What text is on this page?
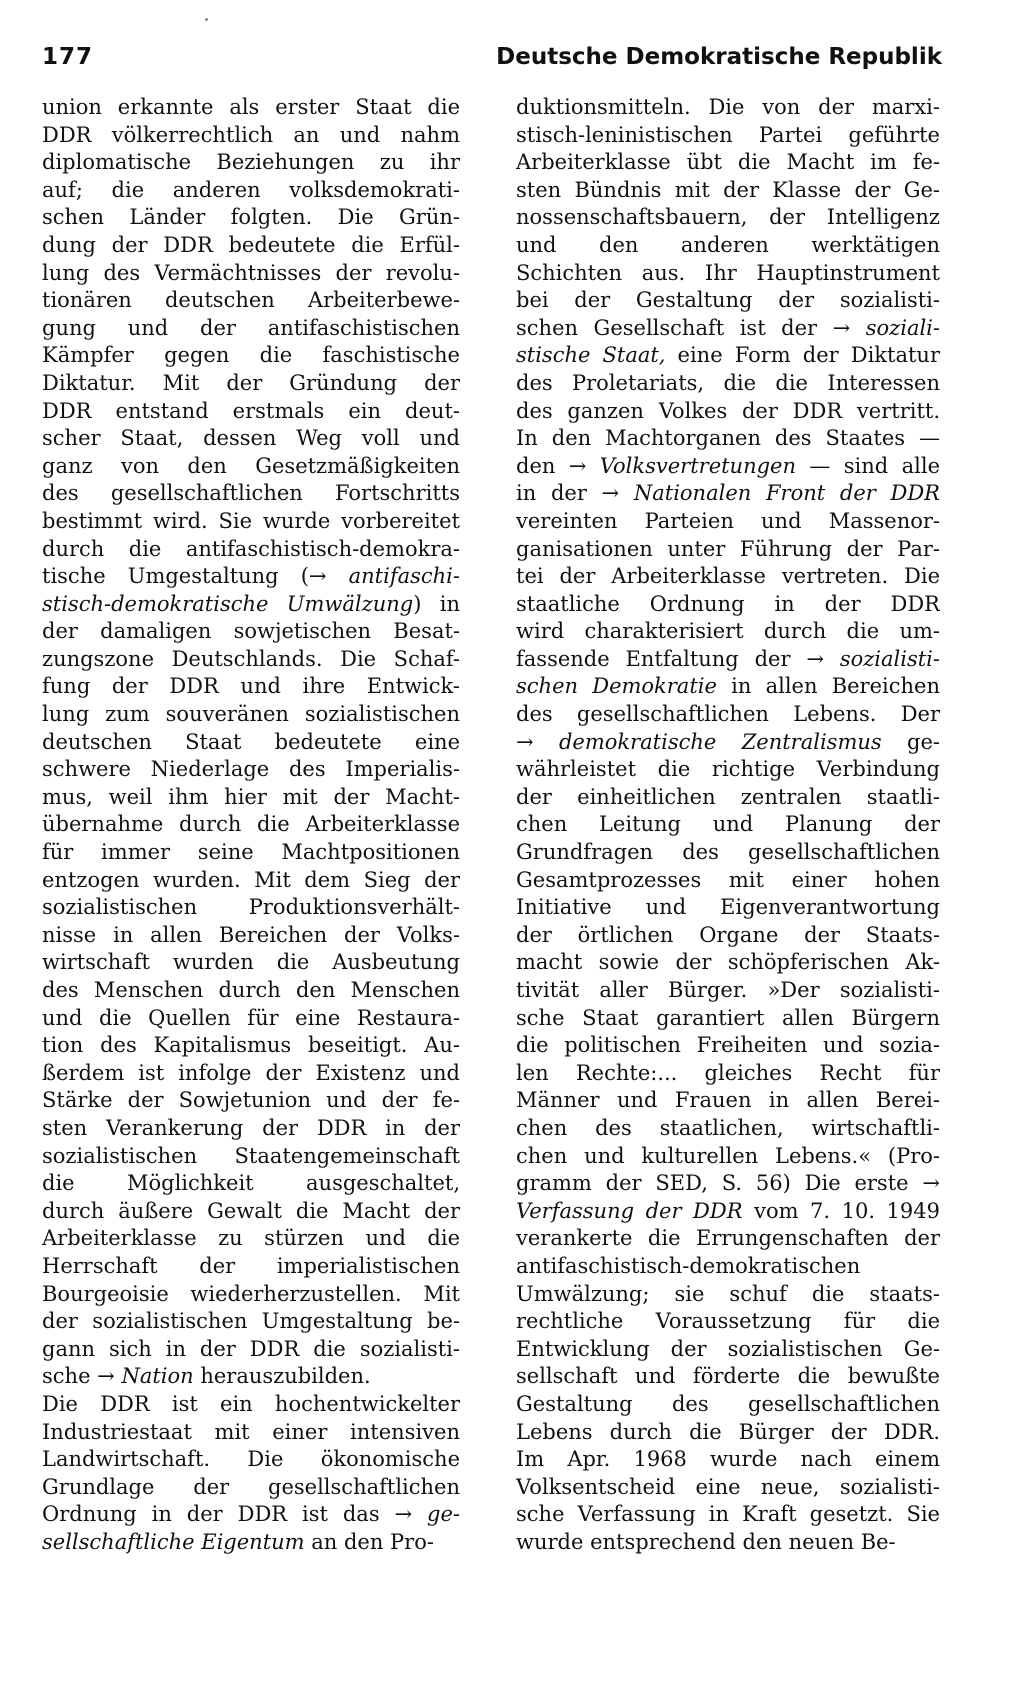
177	Deutsche Demokratische Republik
union erkannte als erster Staat die
DDR völkerrechtlich an und nahm
diplomatische Beziehungen zu ihr
auf; die anderen volksdemokrati-
schen Länder folgten. Die Grün-
dung der DDR bedeutete die Erfül-
lung des Vermächtnisses der revolu-
tionären deutschen Arbeiterbewe-
gung und der antifaschistischen
Kämpfer gegen die faschistische
Diktatur. Mit der Gründung der
DDR entstand erstmals ein deut-
scher Staat, dessen Weg voll und
ganz von den Gesetzmäßigkeiten
des gesellschaftlichen Fortschritts
bestimmt wird. Sie wurde vorbereitet
durch die antifaschistisch-demokra-
tische Umgestaltung (→ antifaschi-
stisch-demokratische Umwälzung) in
der damaligen sowjetischen Besat-
zungszone Deutschlands. Die Schaf-
fung der DDR und ihre Entwick-
lung zum souveränen sozialistischen
deutschen Staat bedeutete eine
schwere Niederlage des Imperialis-
mus, weil ihm hier mit der Macht-
übernahme durch die Arbeiterklasse
für immer seine Machtpositionen
entzogen wurden. Mit dem Sieg der
sozialistischen Produktionsverhält-
nisse in allen Bereichen der Volks-
wirtschaft wurden die Ausbeutung
des Menschen durch den Menschen
und die Quellen für eine Restaura-
tion des Kapitalismus beseitigt. Au-
ßerdem ist infolge der Existenz und
Stärke der Sowjetunion und der fe-
sten Verankerung der DDR in der
sozialistischen Staatengemeinschaft
die Möglichkeit ausgeschaltet,
durch äußere Gewalt die Macht der
Arbeiterklasse zu stürzen und die
Herrschaft der imperialistischen
Bourgeoisie wiederherzustellen. Mit
der sozialistischen Umgestaltung be-
gann sich in der DDR die sozialisti-
sche → Nation herauszubilden.
Die DDR ist ein hochentwickelter
Industriestaat mit einer intensiven
Landwirtschaft. Die ökonomische
Grundlage der gesellschaftlichen
Ordnung in der DDR ist das → ge-
sellschaftliche Eigentum an den Pro-
duktionsmitteln. Die von der marxi-
stisch-leninistischen Partei geführte
Arbeiterklasse übt die Macht im fe-
sten Bündnis mit der Klasse der Ge-
nossenschaftsbauern, der Intelligenz
und den anderen werktätigen
Schichten aus. Ihr Hauptinstrument
bei der Gestaltung der sozialisti-
schen Gesellschaft ist der → soziali-
stische Staat, eine Form der Diktatur
des Proletariats, die die Interessen
des ganzen Volkes der DDR vertritt.
In den Machtorganen des Staates —
den → Volksvertretungen — sind alle
in der → Nationalen Front der DDR
vereinten Parteien und Massenor-
ganisationen unter Führung der Par-
tei der Arbeiterklasse vertreten. Die
staatliche Ordnung in der DDR
wird charakterisiert durch die um-
fassende Entfaltung der → sozialisti-
schen Demokratie in allen Bereichen
des gesellschaftlichen Lebens. Der
→ demokratische Zentralismus ge-
währleistet die richtige Verbindung
der einheitlichen zentralen staatli-
chen Leitung und Planung der
Grundfragen des gesellschaftlichen
Gesamtprozesses mit einer hohen
Initiative und Eigenverantwortung
der örtlichen Organe der Staats-
macht sowie der schöpferischen Ak-
tivität aller Bürger. »Der sozialisti-
sche Staat garantiert allen Bürgern
die politischen Freiheiten und sozia-
len Rechte:... gleiches Recht für
Männer und Frauen in allen Berei-
chen des staatlichen, wirtschaftli-
chen und kulturellen Lebens.« (Pro-
gramm der SED, S. 56) Die erste →
Verfassung der DDR vom 7. 10. 1949
verankerte die Errungenschaften der
antifaschistisch-demokratischen
Umwälzung; sie schuf die staats-
rechtliche Voraussetzung für die
Entwicklung der sozialistischen Ge-
sellschaft und förderte die bewußte
Gestaltung des gesellschaftlichen
Lebens durch die Bürger der DDR.
Im Apr. 1968 wurde nach einem
Volksentscheid eine neue, sozialisti-
sche Verfassung in Kraft gesetzt. Sie
wurde entsprechend den neuen Be-
